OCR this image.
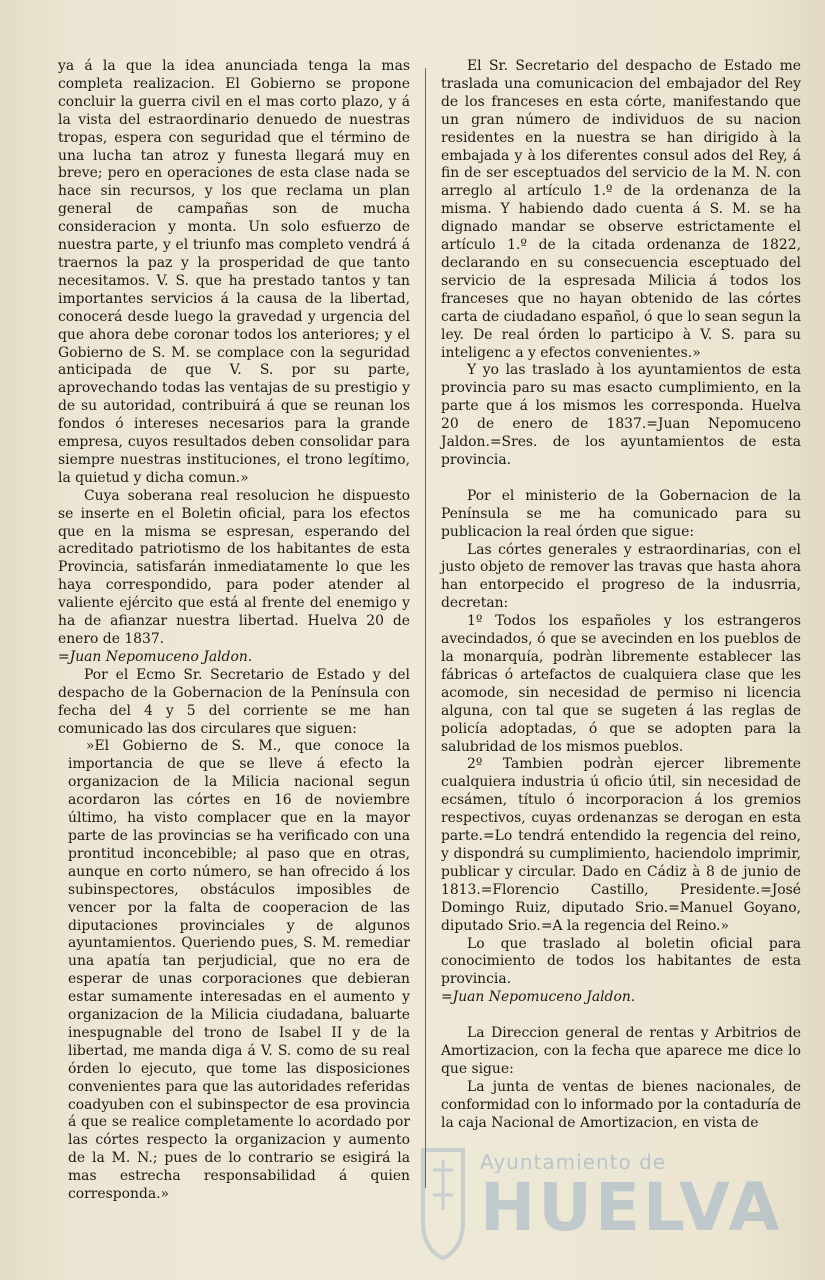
ya á la que la idea anunciada tenga la mas completa realizacion. El Gobierno se propone concluir la guerra civil en el mas corto plazo, y á la vista del estraordinario denuedo de nuestras tropas, espera con seguridad que el término de una lucha tan atroz y funesta llegará muy en breve; pero en operaciones de esta clase nada se hace sin recursos, y los que reclama un plan general de campañas son de mucha consideracion y monta. Un solo esfuerzo de nuestra parte, y el triunfo mas completo vendrá á traernos la paz y la prosperidad de que tanto necesitamos. V. S. que ha prestado tantos y tan importantes servicios á la causa de la libertad, conocerá desde luego la gravedad y urgencia del que ahora debe coronar todos los anteriores; y el Gobierno de S. M. se complace con la seguridad anticipada de que V. S. por su parte, aprovechando todas las ventajas de su prestigio y de su autoridad, contribuirá á que se reunan los fondos ó intereses necesarios para la grande empresa, cuyos resultados deben consolidar para siempre nuestras instituciones, el trono legítimo, la quietud y dicha comun.»

Cuya soberana real resolucion he dispuesto se inserte en el Boletin oficial, para los efectos que en la misma se espresan, esperando del acreditado patriotismo de los habitantes de esta Provincia, satisfarán inmediatamente lo que les haya correspondido, para poder atender al valiente ejército que está al frente del enemigo y ha de afianzar nuestra libertad. Huelva 20 de enero de 1837.

=Juan Nepomuceno Jaldon.

Por el Ecmo Sr. Secretario de Estado y del despacho de la Gobernacion de la Península con fecha del 4 y 5 del corriente se me han comunicado las dos circulares que siguen:

»El Gobierno de S. M., que conoce la importancia de que se lleve á efecto la organizacion de la Milicia nacional segun acordaron las córtes en 16 de noviembre último, ha visto complacer que en la mayor parte de las provincias se ha verificado con una prontitud inconcebible; al paso que en otras, aunque en corto número, se han ofrecido á los subinspectores, obstáculos imposibles de vencer por la falta de cooperacion de las diputaciones provinciales y de algunos ayuntamientos. Queriendo pues, S. M. remediar una apatía tan perjudicial, que no era de esperar de unas corporaciones que debieran estar sumamente interesadas en el aumento y organizacion de la Milicia ciudadana, baluarte inespugnable del trono de Isabel II y de la libertad, me manda diga á V. S. como de su real órden lo ejecuto, que tome las disposiciones convenientes para que las autoridades referidas coadyuben con el subinspector de esa provincia á que se realice completamente lo acordado por las córtes respecto la organizacion y aumento de la M. N.; pues de lo contrario se esigirá la mas estrecha responsabilidad á quien corresponda.»

El Sr. Secretario del despacho de Estado me traslada una comunicacion del embajador del Rey de los franceses en esta córte, manifestando que un gran número de individuos de su nacion residentes en la nuestra se han dirigido à la embajada y à los diferentes consul ados del Rey, á fin de ser esceptuados del servicio de la M. N. con arreglo al artículo 1.º de la ordenanza de la misma. Y habiendo dado cuenta á S. M. se ha dignado mandar se observe estrictamente el artículo 1.º de la citada ordenanza de 1822, declarando en su consecuencia esceptuado del servicio de la espresada Milicia á todos los franceses que no hayan obtenido de las córtes carta de ciudadano español, ó que lo sean segun la ley. De real órden lo participo à V. S. para su inteligenc a y efectos convenientes.»

Y yo las traslado à los ayuntamientos de esta provincia paro su mas esacto cumplimiento, en la parte que á los mismos les corresponda. Huelva 20 de enero de 1837.=Juan Nepomuceno Jaldon.=Sres. de los ayuntamientos de esta provincia.

Por el ministerio de la Gobernacion de la Península se me ha comunicado para su publicacion la real órden que sigue:

Las córtes generales y estraordinarias, con el justo objeto de remover las travas que hasta ahora han entorpecido el progreso de la indusrria, decretan:

1º Todos los españoles y los estrangeros avecindados, ó que se avecinden en los pueblos de la monarquía, podràn libremente establecer las fábricas ó artefactos de cualquiera clase que les acomode, sin necesidad de permiso ni licencia alguna, con tal que se sugeten á las reglas de policía adoptadas, ó que se adopten para la salubridad de los mismos pueblos.

2º Tambien podràn ejercer libremente cualquiera industria ú oficio útil, sin necesidad de ecsámen, título ó incorporacion á los gremios respectivos, cuyas ordenanzas se derogan en esta parte.=Lo tendrá entendido la regencia del reino, y dispondrá su cumplimiento, haciendolo imprimir, publicar y circular. Dado en Cádiz à 8 de junio de 1813.=Florencio Castillo, Presidente.=José Domingo Ruiz, diputado Srio.=Manuel Goyano, diputado Srio.=A la regencia del Reino.»

Lo que traslado al boletin oficial para conocimiento de todos los habitantes de esta provincia.

=Juan Nepomuceno Jaldon.

La Direccion general de rentas y Arbitrios de Amortizacion, con la fecha que aparece me dice lo que sigue:

La junta de ventas de bienes nacionales, de conformidad con lo informado por la contaduría de la caja Nacional de Amortizacion, en vista de

Ayuntamiento de
HUELVA
